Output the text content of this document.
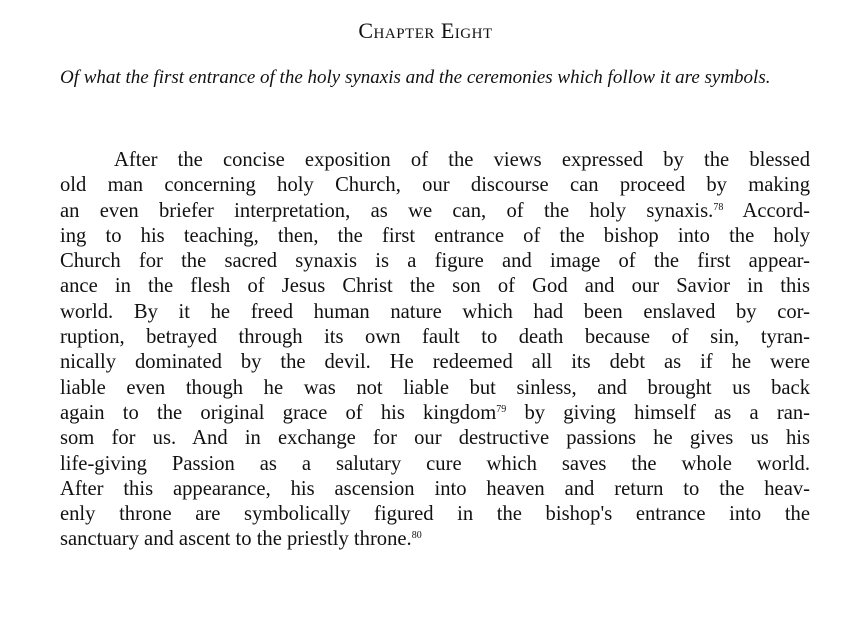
Chapter Eight

Of what the first entrance of the holy synaxis and the ceremonies which follow it are symbols.

After the concise exposition of the views expressed by the blessed
old man concerning holy Church, our discourse can proceed by making
an even briefer interpretation, as we can, of the holy synaxis.$^{78}$ Accord-
ing to his teaching, then, the first entrance of the bishop into the holy
Church for the sacred synaxis is a figure and image of the first appear-
ance in the flesh of Jesus Christ the son of God and our Savior in this
world. By it he freed human nature which had been enslaved by cor-
ruption, betrayed through its own fault to death because of sin, tyran-
nically dominated by the devil. He redeemed all its debt as if he were
liable even though he was not liable but sinless, and brought us back
again to the original grace of his kingdom$^{79}$ by giving himself as a ran-
som for us. And in exchange for our destructive passions he gives us his
life-giving Passion as a salutary cure which saves the whole world.
After this appearance, his ascension into heaven and return to the heav-
enly throne are symbolically figured in the bishop's entrance into the
sanctuary and ascent to the priestly throne.$^{80}$
